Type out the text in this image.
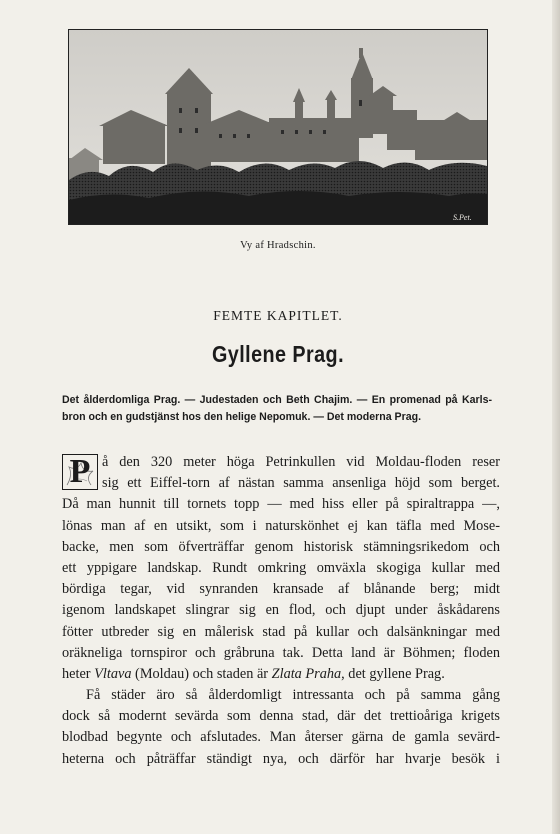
S.Pet.
Vy af Hradschin.
FEMTE KAPITLET.
Gyllene Prag.
Det ålderdomliga Prag. — Judestaden och Beth Chajim. — En promenad på Karls-bron och en gudstjänst hos den helige Nepomuk. — Det moderna Prag.
P å den 320 meter höga Petrinkullen vid Moldau-floden reser
sig ett Eiffel-torn af nästan samma ansenliga höjd som berget.
Då man hunnit till tornets topp — med hiss eller på spiraltrappa —,
lönas man af en utsikt, som i naturskönhet ej kan täfla med Mose-
backe, men som öfverträffar genom historisk stämningsrikedom och
ett yppigare landskap. Rundt omkring omväxla skogiga kullar med
bördiga tegar, vid synranden kransade af blånande berg; midt
igenom landskapet slingrar sig en flod, och djupt under åskådarens
fötter utbreder sig en målerisk stad på kullar och dalsänkningar med
oräkneliga tornspiror och gråbruna tak. Detta land är Böhmen; floden
heter Vltava (Moldau) och staden är Zlata Praha, det gyllene Prag.
Få städer äro så ålderdomligt intressanta och på samma gång
dock så modernt sevärda som denna stad, där det trettioåriga krigets
blodbad begynte och afslutades. Man återser gärna de gamla sevärd-
heterna och påträffar ständigt nya, och därför har hvarje besök i
